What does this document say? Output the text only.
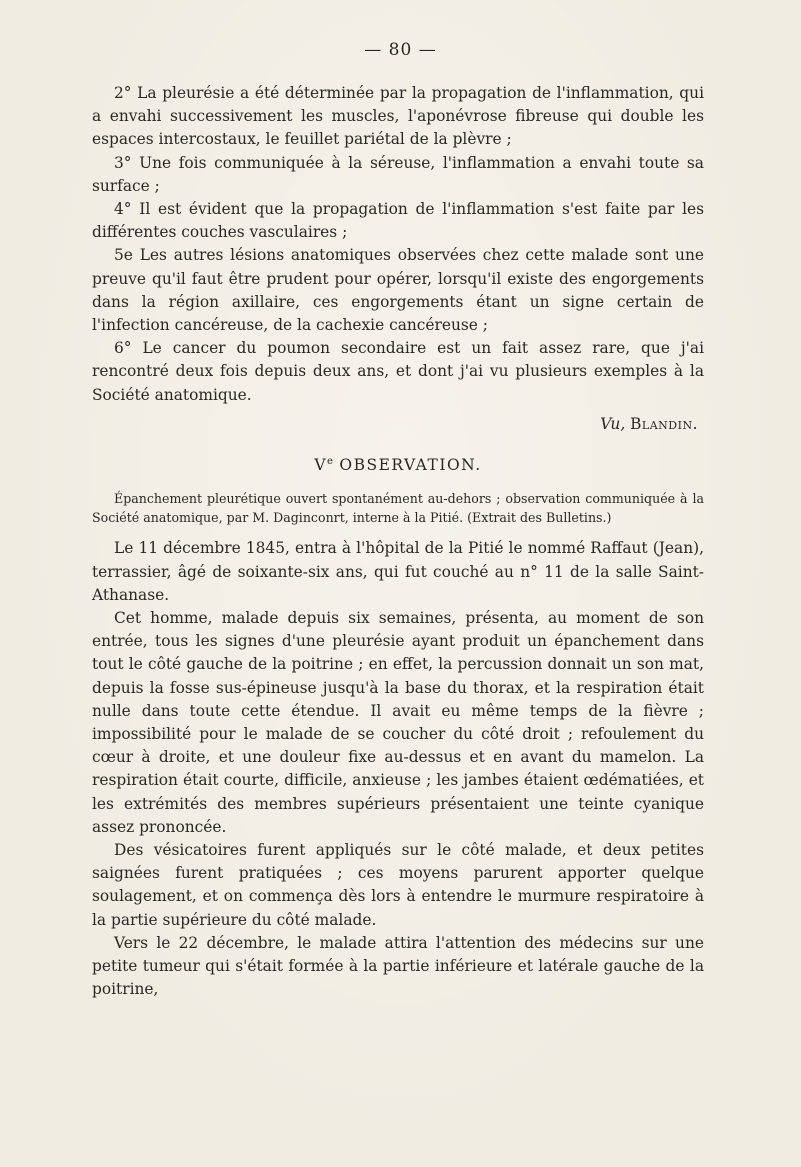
— 80 —

2° La pleurésie a été déterminée par la propagation de l'inflammation, qui a envahi successivement les muscles, l'aponévrose fibreuse qui double les espaces intercostaux, le feuillet pariétal de la plèvre ;

3° Une fois communiquée à la séreuse, l'inflammation a envahi toute sa surface ;

4° Il est évident que la propagation de l'inflammation s'est faite par les différentes couches vasculaires ;

5e Les autres lésions anatomiques observées chez cette malade sont une preuve qu'il faut être prudent pour opérer, lorsqu'il existe des engorgements dans la région axillaire, ces engorgements étant un signe certain de l'infection cancéreuse, de la cachexie cancéreuse ;

6° Le cancer du poumon secondaire est un fait assez rare, que j'ai rencontré deux fois depuis deux ans, et dont j'ai vu plusieurs exemples à la Société anatomique.

Vu, Blandin.

Ve OBSERVATION.

Épanchement pleurétique ouvert spontanément au-dehors ; observation communiquée à la Société anatomique, par M. Daginconrt, interne à la Pitié. (Extrait des Bulletins.)

Le 11 décembre 1845, entra à l'hôpital de la Pitié le nommé Raffaut (Jean), terrassier, âgé de soixante-six ans, qui fut couché au n° 11 de la salle Saint-Athanase.

Cet homme, malade depuis six semaines, présenta, au moment de son entrée, tous les signes d'une pleurésie ayant produit un épanchement dans tout le côté gauche de la poitrine ; en effet, la percussion donnait un son mat, depuis la fosse sus-épineuse jusqu'à la base du thorax, et la respiration était nulle dans toute cette étendue. Il avait eu même temps de la fièvre ; impossibilité pour le malade de se coucher du côté droit ; refoulement du cœur à droite, et une douleur fixe au-dessus et en avant du mamelon. La respiration était courte, difficile, anxieuse ; les jambes étaient œdématiées, et les extrémités des membres supérieurs présentaient une teinte cyanique assez prononcée.

Des vésicatoires furent appliqués sur le côté malade, et deux petites saignées furent pratiquées ; ces moyens parurent apporter quelque soulagement, et on commença dès lors à entendre le murmure respiratoire à la partie supérieure du côté malade.

Vers le 22 décembre, le malade attira l'attention des médecins sur une petite tumeur qui s'était formée à la partie inférieure et latérale gauche de la poitrine,
